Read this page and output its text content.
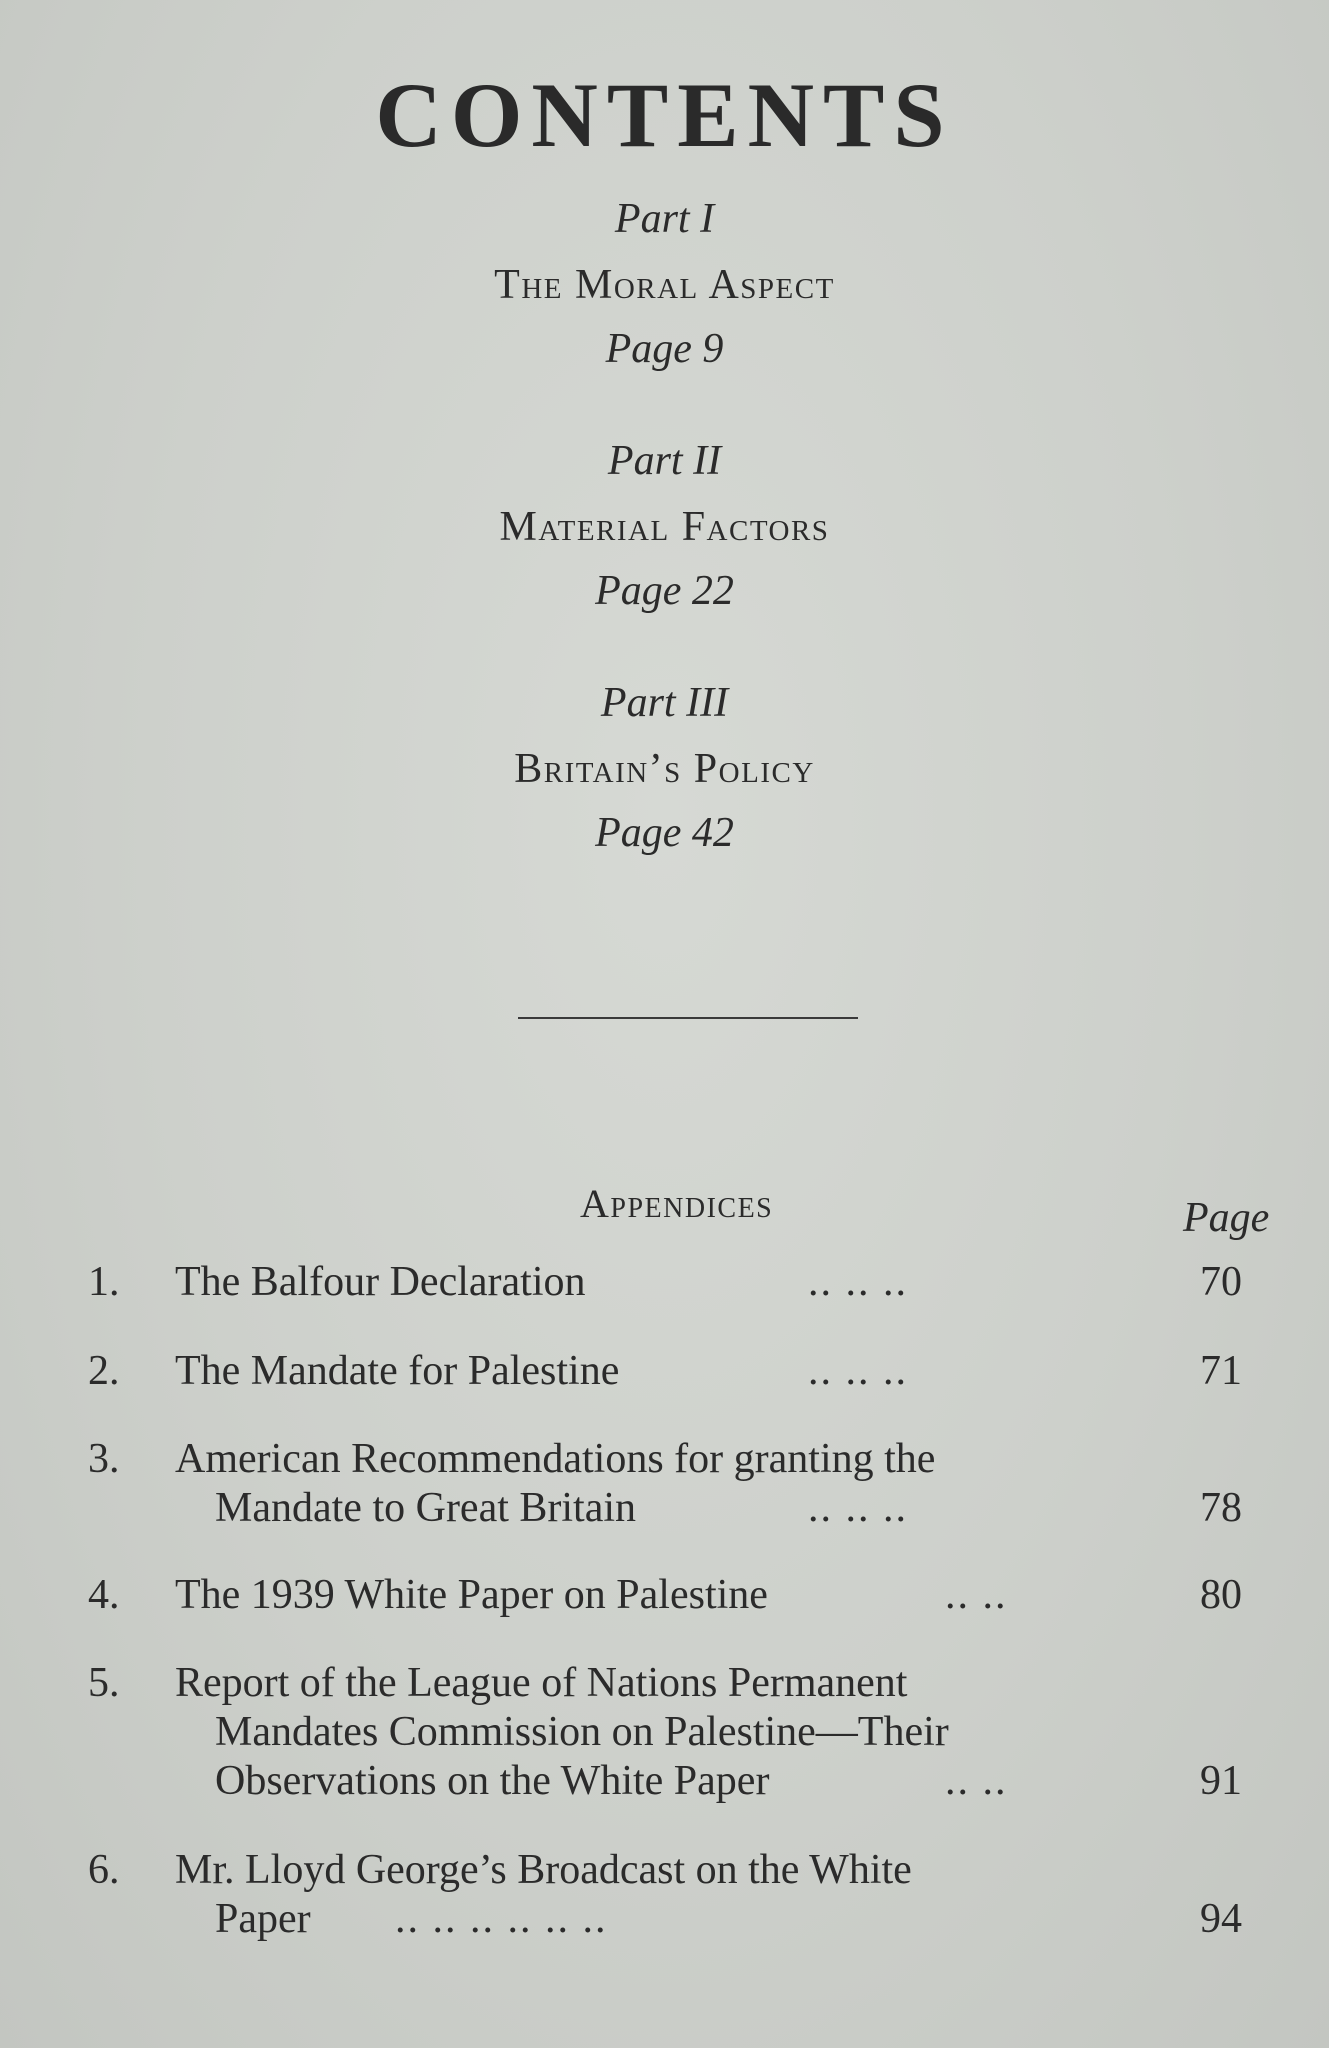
CONTENTS
Part I
The Moral Aspect
Page 9
Part II
Material Factors
Page 22
Part III
Britain’s Policy
Page 42
Appendices	Page
1. The Balfour Declaration	.. .. ..	70
2. The Mandate for Palestine	.. .. ..	71
3. American Recommendations for granting the
Mandate to Great Britain	.. .. ..	78
4. The 1939 White Paper on Palestine	.. ..	80
5. Report of the League of Nations Permanent
Mandates Commission on Palestine—Their
Observations on the White Paper	.. ..	91
6. Mr. Lloyd George’s Broadcast on the White
Paper .. .. .. .. .. ..	94
